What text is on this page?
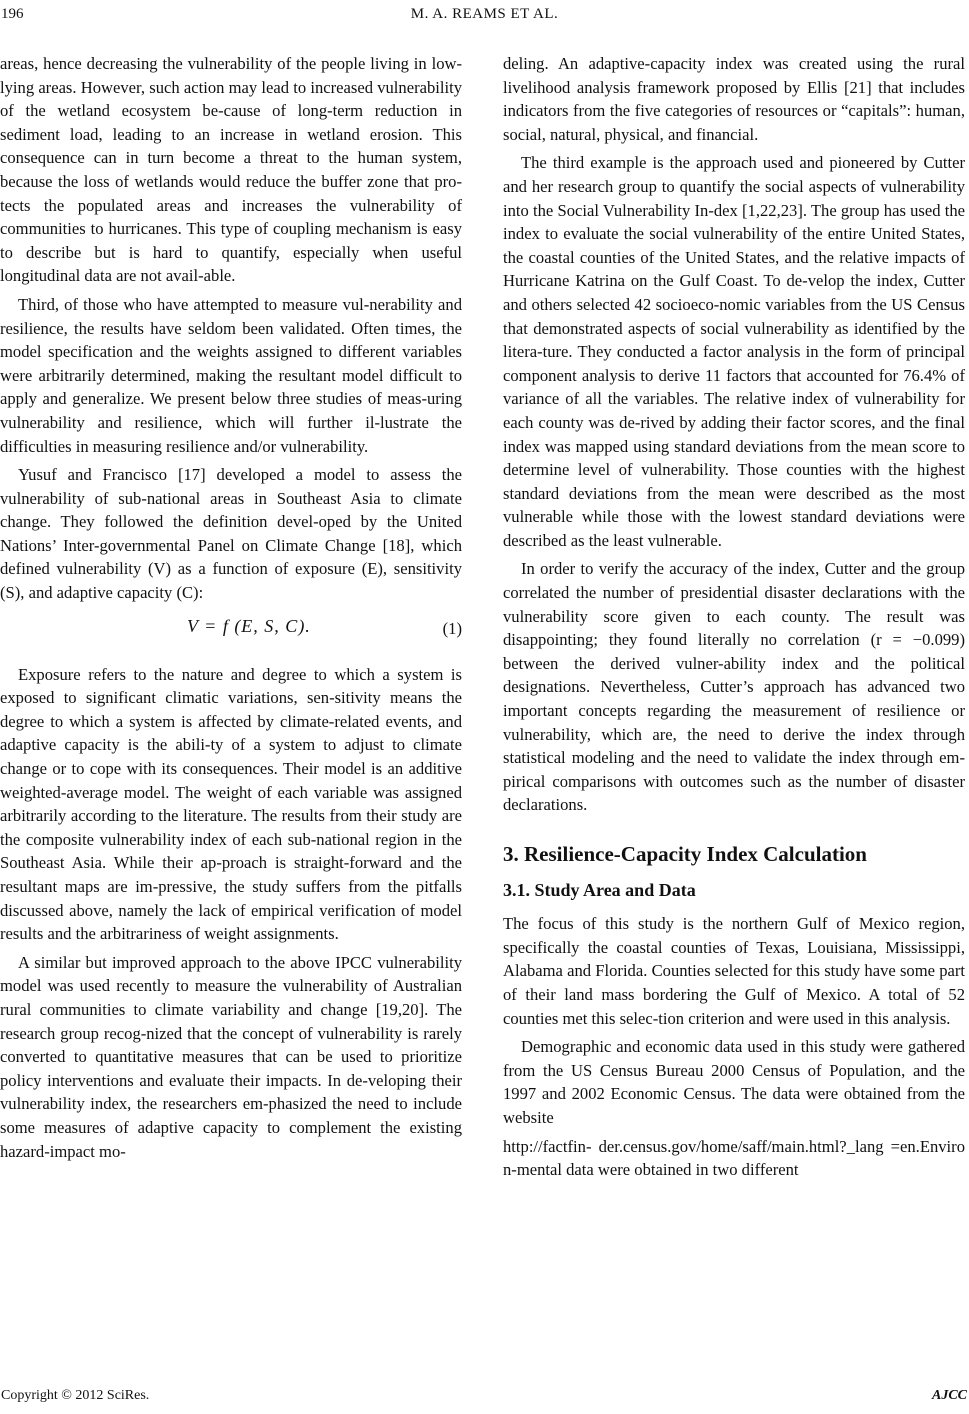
196	M. A. REAMS ET AL.

areas, hence decreasing the vulnerability of the people living in low-lying areas. However, such action may lead to increased vulnerability of the wetland ecosystem be-cause of long-term reduction in sediment load, leading to an increase in wetland erosion. This consequence can in turn become a threat to the human system, because the loss of wetlands would reduce the buffer zone that pro-tects the populated areas and increases the vulnerability of communities to hurricanes. This type of coupling mechanism is easy to describe but is hard to quantify, especially when useful longitudinal data are not avail-able.

Third, of those who have attempted to measure vul-nerability and resilience, the results have seldom been validated. Often times, the model specification and the weights assigned to different variables were arbitrarily determined, making the resultant model difficult to apply and generalize. We present below three studies of meas-uring vulnerability and resilience, which will further il-lustrate the difficulties in measuring resilience and/or vulnerability.

Yusuf and Francisco [17] developed a model to assess the vulnerability of sub-national areas in Southeast Asia to climate change. They followed the definition devel-oped by the United Nations’ Inter-governmental Panel on Climate Change [18], which defined vulnerability (V) as a function of exposure (E), sensitivity (S), and adaptive capacity (C):

V = f (E, S, C).	(1)

Exposure refers to the nature and degree to which a system is exposed to significant climatic variations, sen-sitivity means the degree to which a system is affected by climate-related events, and adaptive capacity is the abili-ty of a system to adjust to climate change or to cope with its consequences. Their model is an additive weighted-average model. The weight of each variable was assigned arbitrarily according to the literature. The results from their study are the composite vulnerability index of each sub-national region in the Southeast Asia. While their ap-proach is straight-forward and the resultant maps are im-pressive, the study suffers from the pitfalls discussed above, namely the lack of empirical verification of model results and the arbitrariness of weight assignments.

A similar but improved approach to the above IPCC vulnerability model was used recently to measure the vulnerability of Australian rural communities to climate variability and change [19,20]. The research group recog-nized that the concept of vulnerability is rarely converted to quantitative measures that can be used to prioritize policy interventions and evaluate their impacts. In de-veloping their vulnerability index, the researchers em-phasized the need to include some measures of adaptive capacity to complement the existing hazard-impact mo-

deling. An adaptive-capacity index was created using the rural livelihood analysis framework proposed by Ellis [21] that includes indicators from the five categories of resources or “capitals”: human, social, natural, physical, and financial.

The third example is the approach used and pioneered by Cutter and her research group to quantify the social aspects of vulnerability into the Social Vulnerability In-dex [1,22,23]. The group has used the index to evaluate the social vulnerability of the entire United States, the coastal counties of the United States, and the relative impacts of Hurricane Katrina on the Gulf Coast. To de-velop the index, Cutter and others selected 42 socioeco-nomic variables from the US Census that demonstrated aspects of social vulnerability as identified by the litera-ture. They conducted a factor analysis in the form of principal component analysis to derive 11 factors that accounted for 76.4% of variance of all the variables. The relative index of vulnerability for each county was de-rived by adding their factor scores, and the final index was mapped using standard deviations from the mean score to determine level of vulnerability. Those counties with the highest standard deviations from the mean were described as the most vulnerable while those with the lowest standard deviations were described as the least vulnerable.

In order to verify the accuracy of the index, Cutter and the group correlated the number of presidential disaster declarations with the vulnerability score given to each county. The result was disappointing; they found literally no correlation (r = −0.099) between the derived vulner-ability index and the political designations. Nevertheless, Cutter’s approach has advanced two important concepts regarding the measurement of resilience or vulnerability, which are, the need to derive the index through statistical modeling and the need to validate the index through em-pirical comparisons with outcomes such as the number of disaster declarations.

3. Resilience-Capacity Index Calculation
3.1. Study Area and Data

The focus of this study is the northern Gulf of Mexico region, specifically the coastal counties of Texas, Louisiana, Mississippi, Alabama and Florida. Counties selected for this study have some part of their land mass bordering the Gulf of Mexico. A total of 52 counties met this selec-tion criterion and were used in this analysis.

Demographic and economic data used in this study were gathered from the US Census Bureau 2000 Census of Population, and the 1997 and 2002 Economic Census. The data were obtained from the website

http://factfin- der.census.gov/home/saff/main.html?_lang =en.Environ-mental data were obtained in two different

Copyright © 2012 SciRes.	AJCC
